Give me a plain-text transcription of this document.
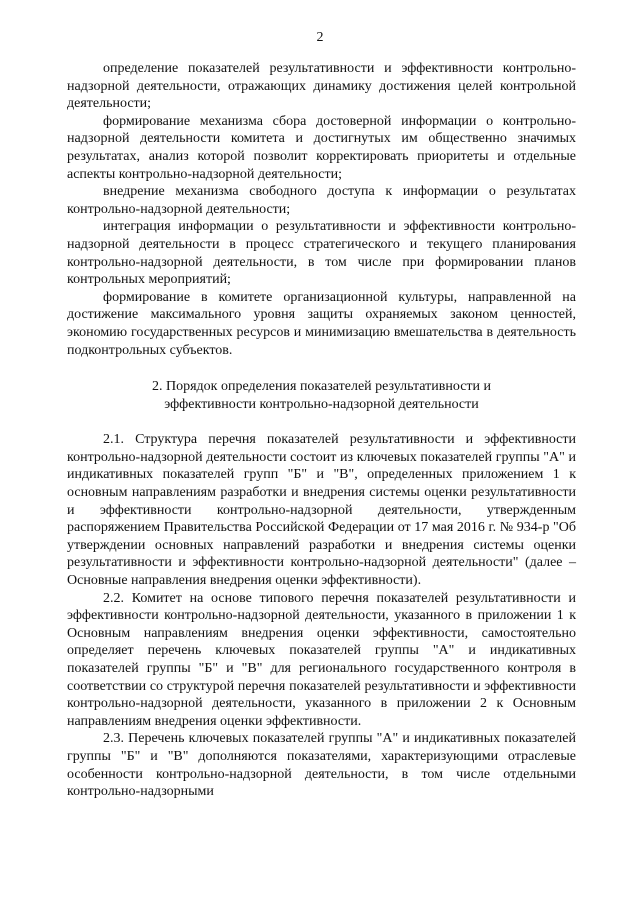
2

определение показателей результативности и эффективности контрольно-надзорной деятельности, отражающих динамику достижения целей контрольной деятельности;

формирование механизма сбора достоверной информации о контрольно-надзорной деятельности комитета и достигнутых им общественно значимых результатах, анализ которой позволит корректировать приоритеты и отдельные аспекты контрольно-надзорной деятельности;

внедрение механизма свободного доступа к информации о результатах контрольно-надзорной деятельности;

интеграция информации о результативности и эффективности контрольно-надзорной деятельности в процесс стратегического и текущего планирования контрольно-надзорной деятельности, в том числе при формировании планов контрольных мероприятий;

формирование в комитете организационной культуры, направленной на достижение максимального уровня защиты охраняемых законом ценностей, экономию государственных ресурсов и минимизацию вмешательства в деятельность подконтрольных субъектов.

2. Порядок определения показателей результативности и
эффективности контрольно-надзорной деятельности

2.1. Структура перечня показателей результативности и эффективности контрольно-надзорной деятельности состоит из ключевых показателей группы "А" и индикативных показателей групп "Б" и "В", определенных приложением 1 к основным направлениям разработки и внедрения системы оценки результативности и эффективности контрольно-надзорной деятельности, утвержденным распоряжением Правительства Российской Федерации от 17 мая 2016 г. № 934-р "Об утверждении основных направлений разработки и внедрения системы оценки результативности и эффективности контрольно-надзорной деятельности" (далее – Основные направления внедрения оценки эффективности).

2.2. Комитет на основе типового перечня показателей результативности и эффективности контрольно-надзорной деятельности, указанного в приложении 1 к Основным направлениям внедрения оценки эффективности, самостоятельно определяет перечень ключевых показателей группы "А" и индикативных показателей группы "Б" и "В" для регионального государственного контроля в соответствии со структурой перечня показателей результативности и эффективности контрольно-надзорной деятельности, указанного в приложении 2 к Основным направлениям внедрения оценки эффективности.

2.3. Перечень ключевых показателей группы "А" и индикативных показателей группы "Б" и "В" дополняются показателями, характеризующими отраслевые особенности контрольно-надзорной деятельности, в том числе отдельными контрольно-надзорными
